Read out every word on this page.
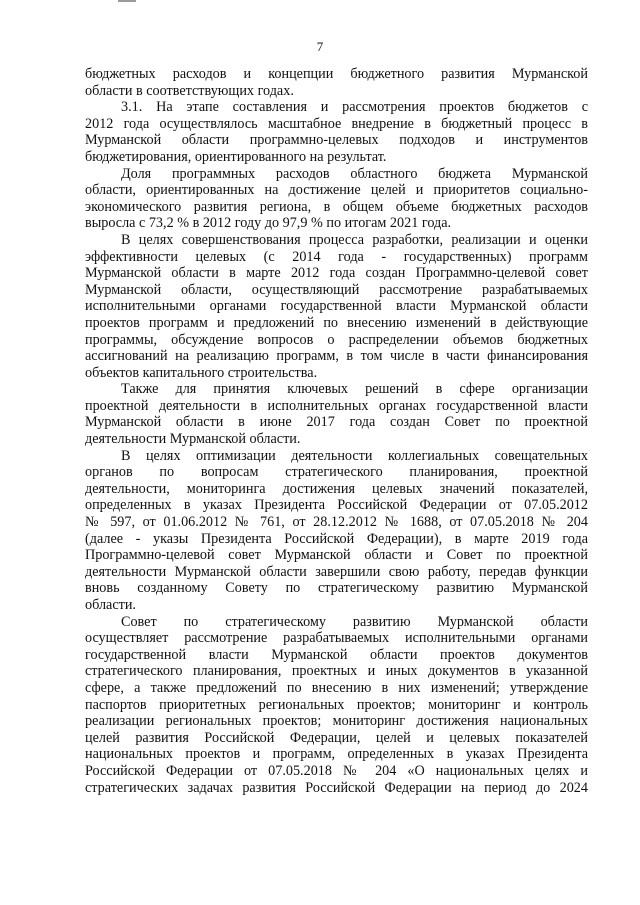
7
бюджетных расходов и концепции бюджетного развития Мурманской
области в соответствующих годах.
3.1. На этапе составления и рассмотрения проектов бюджетов с
2012 года осуществлялось масштабное внедрение в бюджетный процесс в
Мурманской области программно-целевых подходов и инструментов
бюджетирования, ориентированного на результат.
Доля программных расходов областного бюджета Мурманской
области, ориентированных на достижение целей и приоритетов социально-
экономического развития региона, в общем объеме бюджетных расходов
выросла с 73,2 % в 2012 году до 97,9 % по итогам 2021 года.
В целях совершенствования процесса разработки, реализации и оценки
эффективности целевых (с 2014 года - государственных) программ
Мурманской области в марте 2012 года создан Программно-целевой совет
Мурманской области, осуществляющий рассмотрение разрабатываемых
исполнительными органами государственной власти Мурманской области
проектов программ и предложений по внесению изменений в действующие
программы, обсуждение вопросов о распределении объемов бюджетных
ассигнований на реализацию программ, в том числе в части финансирования
объектов капитального строительства.
Также для принятия ключевых решений в сфере организации
проектной деятельности в исполнительных органах государственной власти
Мурманской области в июне 2017 года создан Совет по проектной
деятельности Мурманской области.
В целях оптимизации деятельности коллегиальных совещательных
органов по вопросам стратегического планирования, проектной
деятельности, мониторинга достижения целевых значений показателей,
определенных в указах Президента Российской Федерации от 07.05.2012
№ 597, от 01.06.2012 № 761, от 28.12.2012 № 1688, от 07.05.2018 № 204
(далее - указы Президента Российской Федерации), в марте 2019 года
Программно-целевой совет Мурманской области и Совет по проектной
деятельности Мурманской области завершили свою работу, передав функции
вновь созданному Совету по стратегическому развитию Мурманской
области.
Совет по стратегическому развитию Мурманской области
осуществляет рассмотрение разрабатываемых исполнительными органами
государственной власти Мурманской области проектов документов
стратегического планирования, проектных и иных документов в указанной
сфере, а также предложений по внесению в них изменений; утверждение
паспортов приоритетных региональных проектов; мониторинг и контроль
реализации региональных проектов; мониторинг достижения национальных
целей развития Российской Федерации, целей и целевых показателей
национальных проектов и программ, определенных в указах Президента
Российской Федерации от 07.05.2018 № 204 «О национальных целях и
стратегических задачах развития Российской Федерации на период до 2024
